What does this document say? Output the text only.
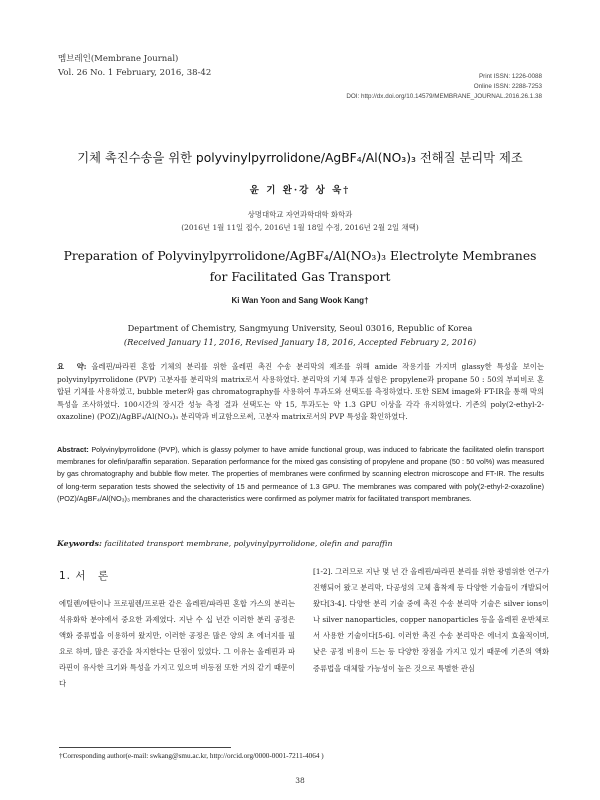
멤브레인(Membrane Journal)
Vol. 26 No. 1 February, 2016, 38-42	Print ISSN: 1226-0088
Online ISSN: 2288-7253
DOI: http://dx.doi.org/10.14579/MEMBRANE_JOURNAL.2016.26.1.38
기체 촉진수송을 위한 polyvinylpyrrolidone/AgBF₄/Al(NO₃)₃ 전해질 분리막 제조
윤 기 완·강 상 욱†
상명대학교 자연과학대학 화학과
(2016년 1월 11일 접수, 2016년 1월 18일 수정, 2016년 2월 2일 채택)
Preparation of Polyvinylpyrrolidone/AgBF₄/Al(NO₃)₃ Electrolyte Membranes for Facilitated Gas Transport
Ki Wan Yoon and Sang Wook Kang†
Department of Chemistry, Sangmyung University, Seoul 03016, Republic of Korea
(Received January 11, 2016, Revised January 18, 2016, Accepted February 2, 2016)
요　약: 올레핀/파라핀 혼합 기체의 분리를 위한 올레핀 촉진 수송 분리막의 제조를 위해 amide 작용기를 가지며 glassy한 특성을 보이는 polyvinylpyrrolidone (PVP) 고분자를 분리막의 matrix로서 사용하였다. 분리막의 기체 투과 실험은 propylene과 propane 50 : 50의 부피비로 혼합된 기체를 사용하였고, bubble meter와 gas chromatography를 사용하여 투과도와 선택도를 측정하였다. 또한 SEM image와 FT-IR을 통해 막의 특성을 조사하였다. 100시간의 장시간 성능 측정 결과 선택도는 약 15, 투과도는 약 1.3 GPU 이상을 각각 유지하였다. 기존의 poly(2-ethyl-2-oxazoline) (POZ)/AgBF₄/Al(NO₃)₃ 분리막과 비교함으로써, 고분자 matrix로서의 PVP 특성을 확인하였다.
Abstract: Polyvinylpyrrolidone (PVP), which is glassy polymer to have amide functional group, was induced to fabricate the facilitated olefin transport membranes for olefin/paraffin separation. Separation performance for the mixed gas consisting of propylene and propane (50 : 50 vol%) was measured by gas chromatography and bubble flow meter. The properties of membranes were confirmed by scanning electron microscope and FT-IR. The results of long-term separation tests showed the selectivity of 15 and permeance of 1.3 GPU. The membranes was compared with poly(2-ethyl-2-oxazoline) (POZ)/AgBF₄/Al(NO₃)₃ membranes and the characteristics were confirmed as polymer matrix for facilitated transport membranes.
Keywords: facilitated transport membrane, polyvinylpyrrolidone, olefin and paraffin
1. 서　론
에틸렌/에탄이나 프로필렌/프로판 같은 올레핀/파라핀 혼합 가스의 분리는 석유화학 분야에서 중요한 과제였다. 지난 수 십 년간 이러한 분리 공정은 액화 증류법을 이용하여 왔지만, 이러한 공정은 많은 양의 초 에너지를 필요로 하며, 많은 공간을 차지한다는 단점이 있었다. 그 이유는 올레핀과 파라핀이 유사한 크기와 특성을 가지고 있으며 비등점 또한 거의 같기 때문이다
[1-2]. 그러므로 지난 몇 년 간 올레핀/파라핀 분리를 위한 광범위한 연구가 진행되어 왔고 분리막, 다공성의 고체 흡착제 등 다양한 기술들이 개발되어 왔다[3-4]. 다양한 분리 기술 중에 촉진 수송 분리막 기술은 silver ions이나 silver nanoparticles, copper nanoparticles 등을 올레핀 운반체로서 사용한 기술이다[5-6]. 이러한 촉진 수송 분리막은 에너지 효율적이며, 낮은 공정 비용이 드는 등 다양한 장점을 가지고 있기 때문에 기존의 액화 증류법을 대체할 가능성이 높은 것으로 특별한 관심
†Corresponding author(e-mail: swkang@smu.ac.kr, http://orcid.org/0000-0001-7211-4064 )
38
